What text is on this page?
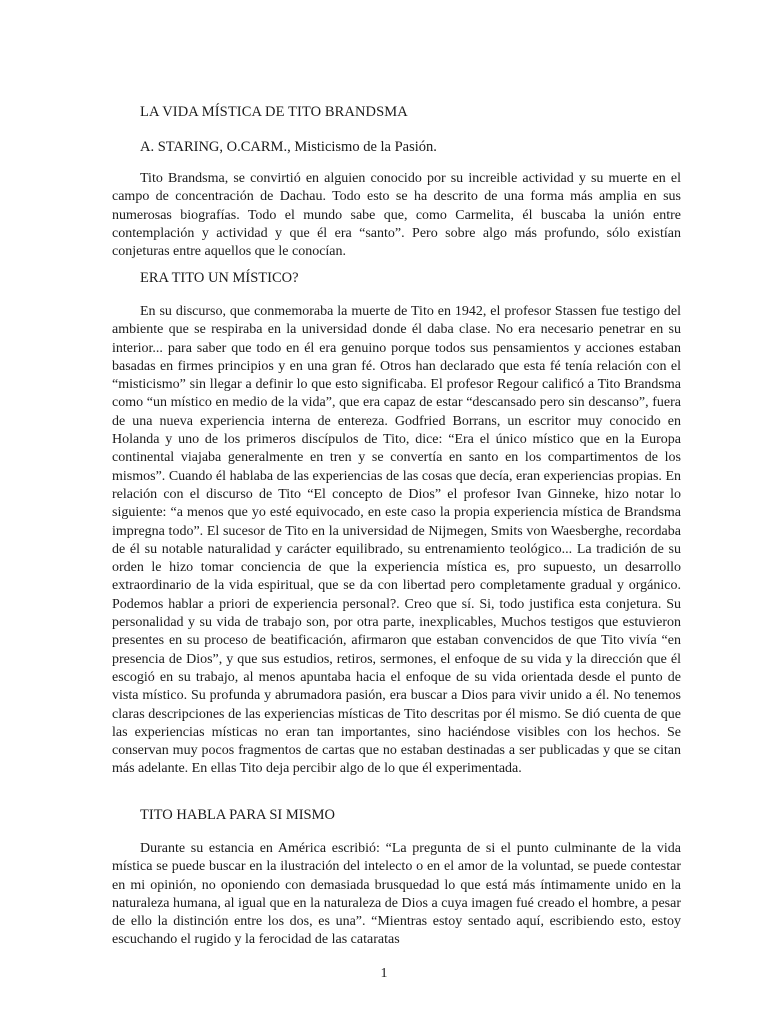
LA VIDA MÍSTICA DE TITO BRANDSMA
A. STARING, O.CARM., Misticismo de la Pasión.

Tito Brandsma, se convirtió en alguien conocido por su increible actividad y su muerte en el campo de concentración de Dachau. Todo esto se ha descrito de una forma más amplia en sus numerosas biografías. Todo el mundo sabe que, como Carmelita, él buscaba la unión entre contemplación y actividad y que él era “santo”. Pero sobre algo más profundo, sólo existían conjeturas entre aquellos que le conocían.

ERA TITO UN MÍSTICO?

En su discurso, que conmemoraba la muerte de Tito en 1942, el profesor Stassen fue testigo del ambiente que se respiraba en la universidad donde él daba clase. No era necesario penetrar en su interior... para saber que todo en él era genuino porque todos sus pensamientos y acciones estaban basadas en firmes principios y en una gran fé. Otros han declarado que esta fé tenía relación con el “misticismo” sin llegar a definir lo que esto significaba. El profesor Regour calificó a Tito Brandsma como “un místico en medio de la vida”, que era capaz de estar “descansado pero sin descanso”, fuera de una nueva experiencia interna de entereza. Godfried Borrans, un escritor muy conocido en Holanda y uno de los primeros discípulos de Tito, dice: “Era el único místico que en la Europa continental viajaba generalmente en tren y se convertía en santo en los compartimentos de los mismos”. Cuando él hablaba de las experiencias de las cosas que decía, eran experiencias propias. En relación con el discurso de Tito “El concepto de Dios” el profesor Ivan Ginneke, hizo notar lo siguiente: “a menos que yo esté equivocado, en este caso la propia experiencia mística de Brandsma impregna todo”. El sucesor de Tito en la universidad de Nijmegen, Smits von Waesberghe, recordaba de él su notable naturalidad y carácter equilibrado, su entrenamiento teológico... La tradición de su orden le hizo tomar conciencia de que la experiencia mística es, pro supuesto, un desarrollo extraordinario de la vida espiritual, que se da con libertad pero completamente gradual y orgánico. Podemos hablar a priori de experiencia personal?. Creo que sí. Si, todo justifica esta conjetura. Su personalidad y su vida de trabajo son, por otra parte, inexplicables, Muchos testigos que estuvieron presentes en su proceso de beatificación, afirmaron que estaban convencidos de que Tito vivía “en presencia de Dios”, y que sus estudios, retiros, sermones, el enfoque de su vida y la dirección que él escogió en su trabajo, al menos apuntaba hacia el enfoque de su vida orientada desde el punto de vista místico. Su profunda y abrumadora pasión, era buscar a Dios para vivir unido a él. No tenemos claras descripciones de las experiencias místicas de Tito descritas por él mismo. Se dió cuenta de que las experiencias místicas no eran tan importantes, sino haciéndose visibles con los hechos. Se conservan muy pocos fragmentos de cartas que no estaban destinadas a ser publicadas y que se citan más adelante. En ellas Tito deja percibir algo de lo que él experimentada.

TITO HABLA PARA SI MISMO

Durante su estancia en América escribió: “La pregunta de si el punto culminante de la vida mística se puede buscar en la ilustración del intelecto o en el amor de la voluntad, se puede contestar en mi opinión, no oponiendo con demasiada brusquedad lo que está más íntimamente unido en la naturaleza humana, al igual que en la naturaleza de Dios a cuya imagen fué creado el hombre, a pesar de ello la distinción entre los dos, es una”. “Mientras estoy sentado aquí, escribiendo esto, estoy escuchando el rugido y la ferocidad de las cataratas

1
